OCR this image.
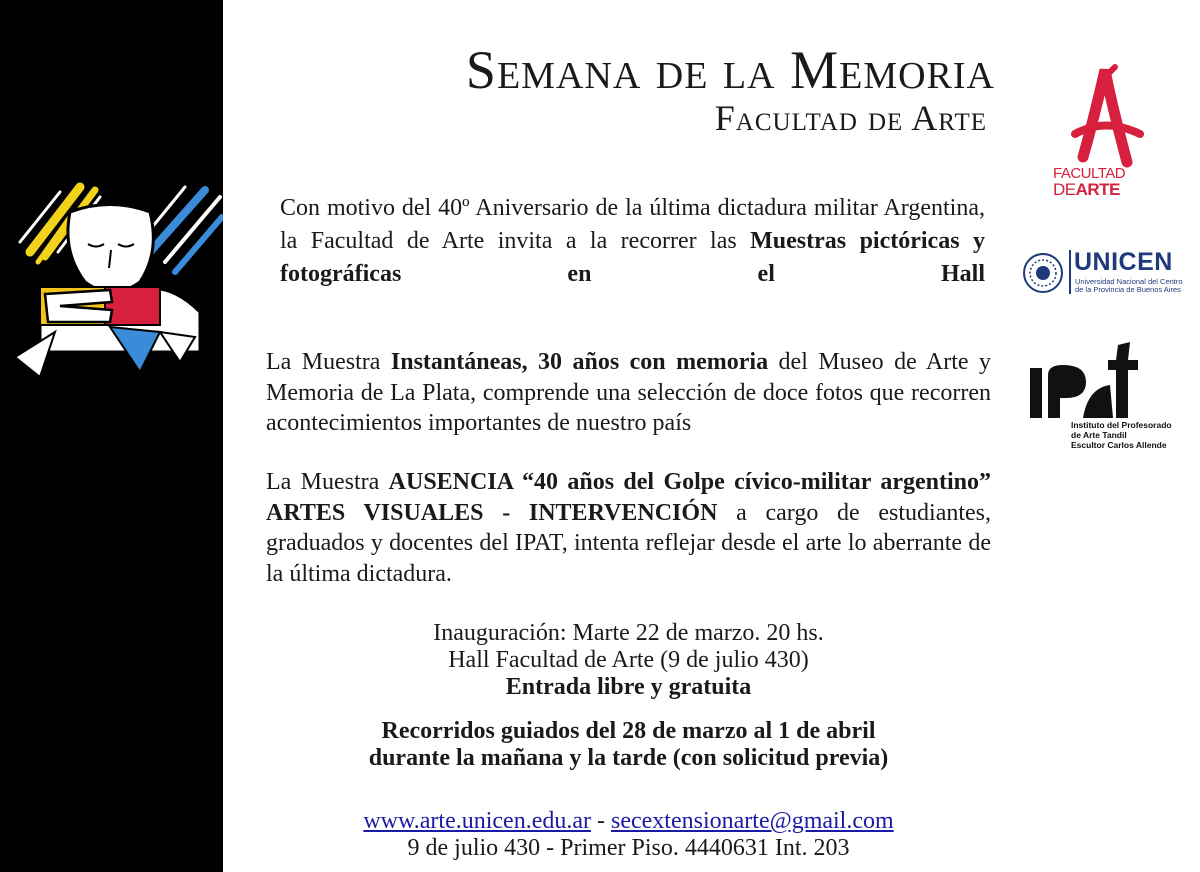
Semana de la Memoria
Facultad de Arte
Con motivo del 40º Aniversario de la última dictadura militar Argentina, la Facultad de Arte invita a la recorrer las Muestras pictóricas y fotográficas en el Hall
La Muestra Instantáneas, 30 años con memoria del Museo de Arte y Memoria de La Plata, comprende una selección de doce fotos que recorren acontecimientos importantes de nuestro país
La Muestra AUSENCIA “40 años del Golpe cívico-militar argentino” ARTES VISUALES - INTERVENCIÓN a cargo de estudiantes, graduados y docentes del IPAT, intenta reflejar desde el arte lo aberrante de la última dictadura.
Inauguración: Marte 22 de marzo. 20 hs.
Hall Facultad de Arte (9 de julio 430)
Entrada libre y gratuita
Recorridos guiados del 28 de marzo al 1 de abril
durante la mañana y la tarde (con solicitud previa)
www.arte.unicen.edu.ar - secextensionarte@gmail.com
9 de julio 430 - Primer Piso. 4440631 Int. 203
FACULTAD
DEARTE
UNICEN
Universidad Nacional del Centro
de la Provincia de Buenos Aires
Instituto del Profesorado
de Arte Tandil
Escultor Carlos Allende
